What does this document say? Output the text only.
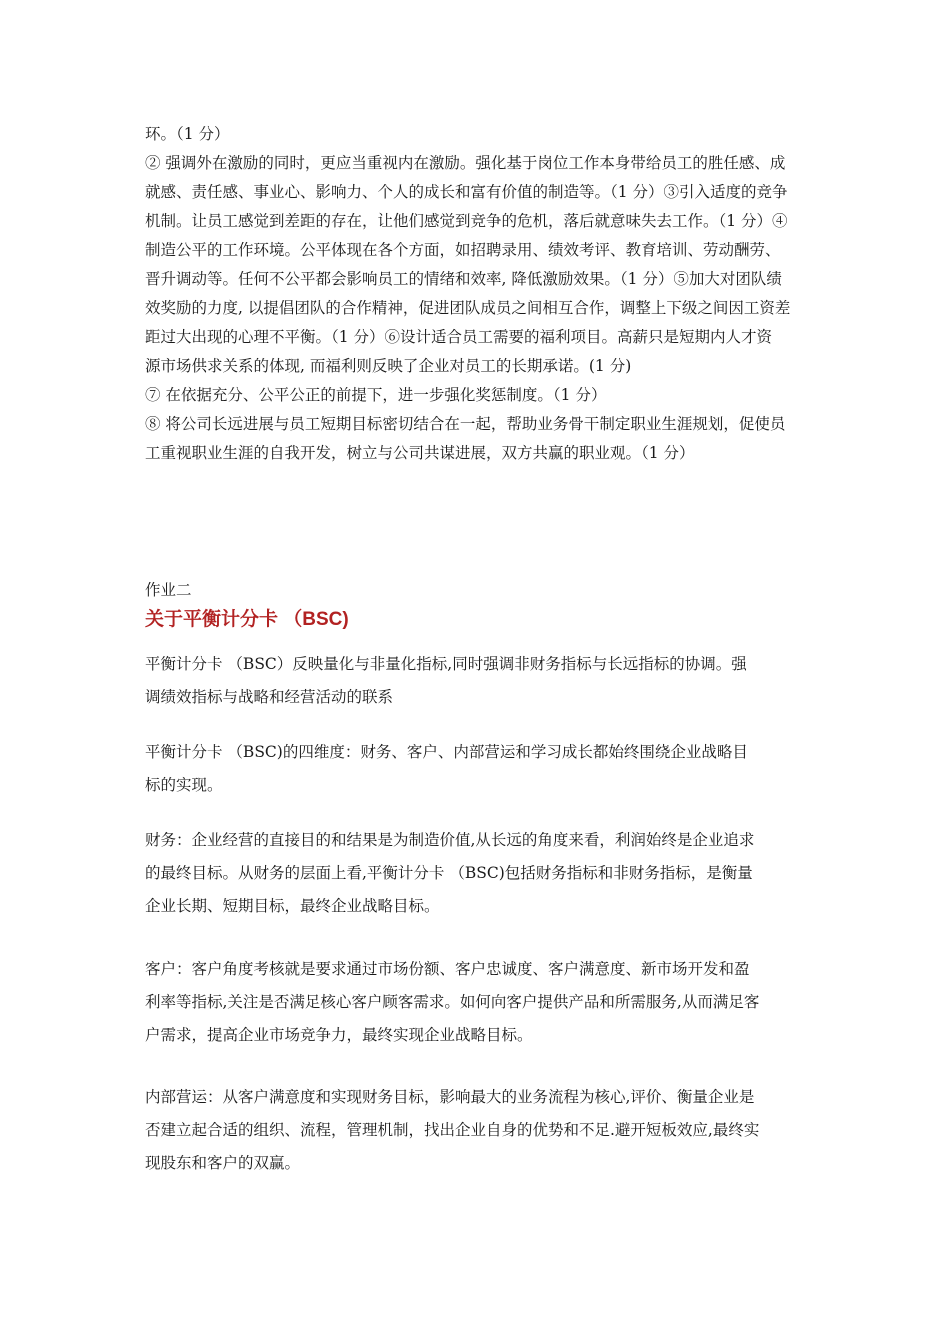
环。（1 分）
② 强调外在激励的同时，更应当重视内在激励。强化基于岗位工作本身带给员工的胜任感、成
就感、责任感、事业心、影响力、个人的成长和富有价值的制造等。（1 分）③引入适度的竞争
机制。让员工感觉到差距的存在，让他们感觉到竞争的危机，落后就意味失去工作。（1 分）④
制造公平的工作环境。公平体现在各个方面，如招聘录用、绩效考评、教育培训、劳动酬劳、
晋升调动等。任何不公平都会影响员工的情绪和效率, 降低激励效果。（1 分）⑤加大对团队绩
效奖励的力度, 以提倡团队的合作精神，促进团队成员之间相互合作，调整上下级之间因工资差
距过大出现的心理不平衡。（1 分）⑥设计适合员工需要的福利项目。高薪只是短期内人才资
源市场供求关系的体现, 而福利则反映了企业对员工的长期承诺。(1 分)
⑦ 在依据充分、公平公正的前提下，进一步强化奖惩制度。（1 分）
⑧ 将公司长远进展与员工短期目标密切结合在一起，帮助业务骨干制定职业生涯规划，促使员
工重视职业生涯的自我开发，树立与公司共谋进展，双方共赢的职业观。（1 分）
作业二
关于平衡计分卡 （BSC)
平衡计分卡 （BSC）反映量化与非量化指标,同时强调非财务指标与长远指标的协调。强
调绩效指标与战略和经营活动的联系
平衡计分卡 （BSC)的四维度：财务、客户、内部营运和学习成长都始终围绕企业战略目
标的实现。
财务：企业经营的直接目的和结果是为制造价值,从长远的角度来看，利润始终是企业追求
的最终目标。从财务的层面上看,平衡计分卡 （BSC)包括财务指标和非财务指标，是衡量
企业长期、短期目标，最终企业战略目标。
客户：客户角度考核就是要求通过市场份额、客户忠诚度、客户满意度、新市场开发和盈
利率等指标,关注是否满足核心客户顾客需求。如何向客户提供产品和所需服务,从而满足客
户需求，提高企业市场竞争力，最终实现企业战略目标。
内部营运：从客户满意度和实现财务目标，影响最大的业务流程为核心,评价、衡量企业是
否建立起合适的组织、流程，管理机制，找出企业自身的优势和不足.避开短板效应,最终实
现股东和客户的双赢。
